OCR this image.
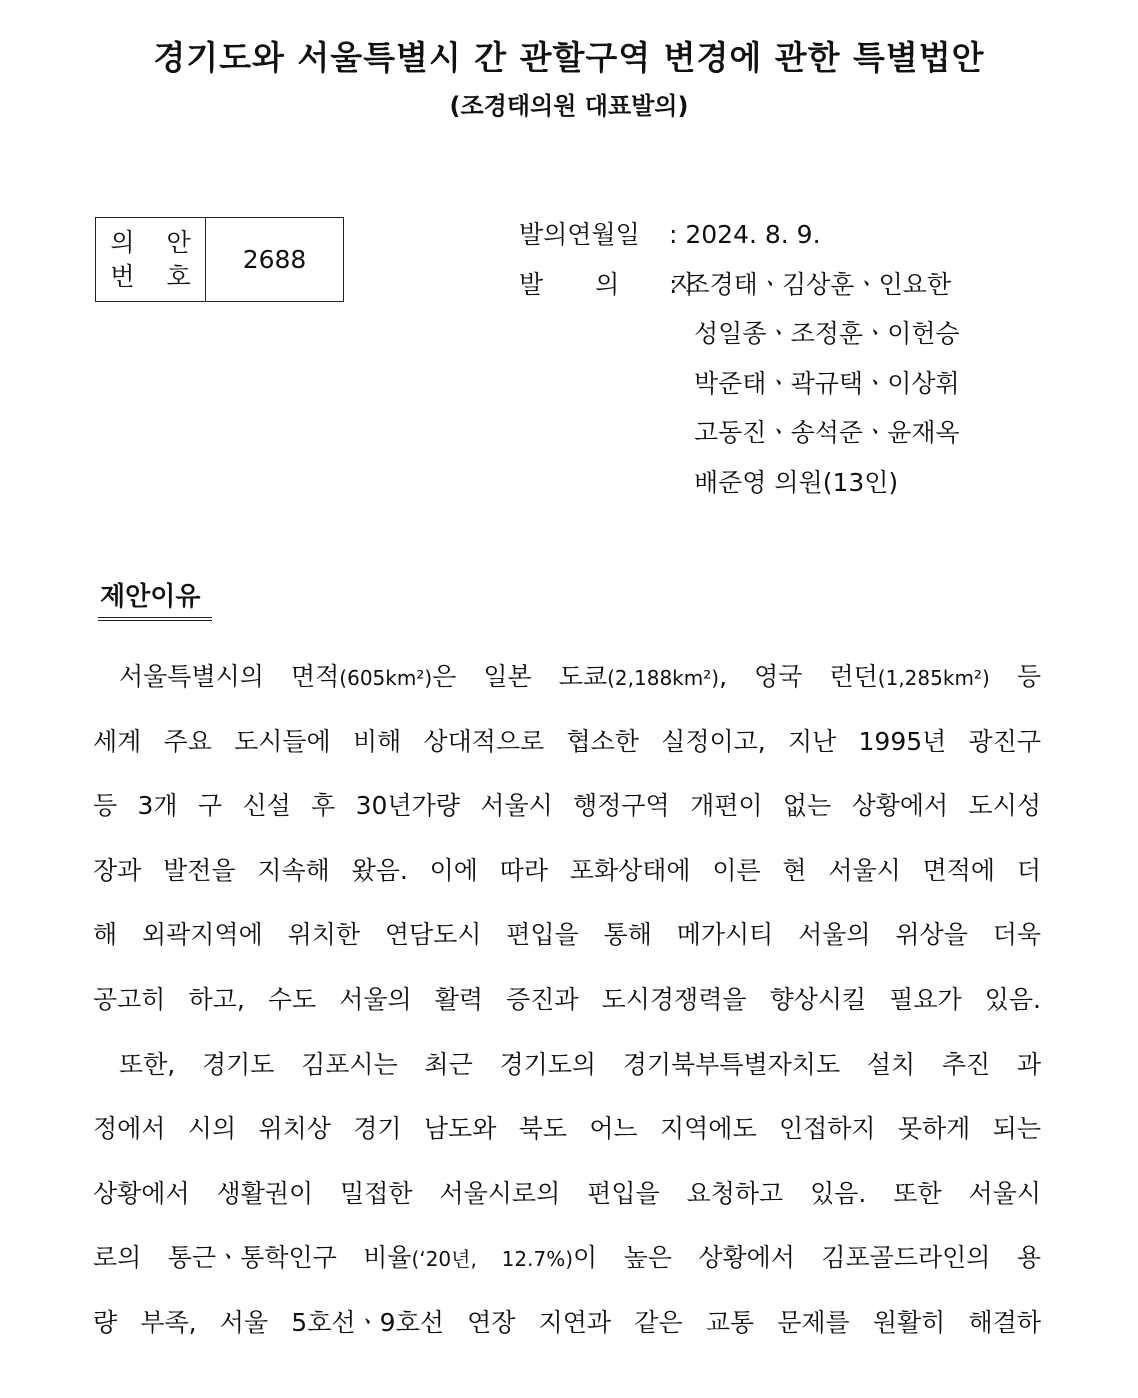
경기도와 서울특별시 간 관할구역 변경에 관한 특별법안
(조경태의원 대표발의)
의 안
번 호
2688
발의연월일 : 2024. 8. 9.
발 의 자: 조경태ㆍ김상훈ㆍ인요한
성일종ㆍ조정훈ㆍ이헌승
박준태ㆍ곽규택ㆍ이상휘
고동진ㆍ송석준ㆍ윤재옥
배준영 의원(13인)
제안이유

서울특별시의 면적(605km²)은 일본 도쿄(2,188km²), 영국 런던(1,285km²) 등
세계 주요 도시들에 비해 상대적으로 협소한 실정이고, 지난 1995년 광진구
등 3개 구 신설 후 30년가량 서울시 행정구역 개편이 없는 상황에서 도시성
장과 발전을 지속해 왔음. 이에 따라 포화상태에 이른 현 서울시 면적에 더
해 외곽지역에 위치한 연담도시 편입을 통해 메가시티 서울의 위상을 더욱
공고히 하고, 수도 서울의 활력 증진과 도시경쟁력을 향상시킬 필요가 있음.

또한, 경기도 김포시는 최근 경기도의 경기북부특별자치도 설치 추진 과
정에서 시의 위치상 경기 남도와 북도 어느 지역에도 인접하지 못하게 되는
상황에서 생활권이 밀접한 서울시로의 편입을 요청하고 있음. 또한 서울시
로의 통근ㆍ통학인구 비율(‘20년, 12.7%)이 높은 상황에서 김포골드라인의 용
량 부족, 서울 5호선ㆍ9호선 연장 지연과 같은 교통 문제를 원활히 해결하
